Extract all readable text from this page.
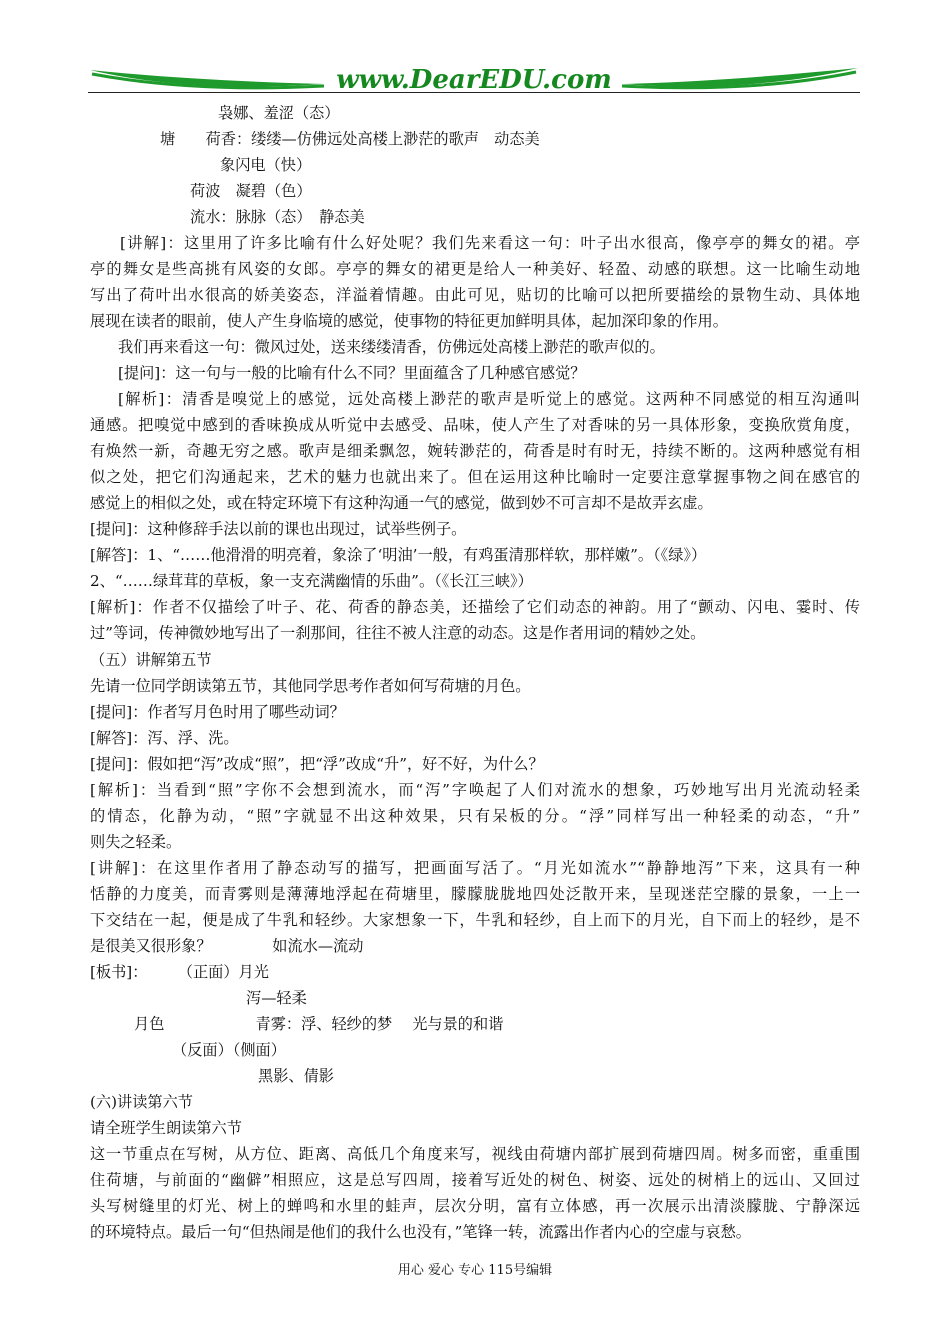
www.DearEDU.com
袅娜、羞涩（态）
塘　　荷香：缕缕—仿佛远处高楼上渺茫的歌声　动态美
象闪电（快）
荷波　凝碧（色）
流水：脉脉（态）　静态美
[讲解]：这里用了许多比喻有什么好处呢？我们先来看这一句：叶子出水很高，像亭亭的舞女的裙。亭
亭的舞女是些高挑有风姿的女郎。亭亭的舞女的裙更是给人一种美好、轻盈、动感的联想。这一比喻生动地
写出了荷叶出水很高的娇美姿态，洋溢着情趣。由此可见，贴切的比喻可以把所要描绘的景物生动、具体地
展现在读者的眼前，使人产生身临境的感觉，使事物的特征更加鲜明具体，起加深印象的作用。
我们再来看这一句：微风过处，送来缕缕清香，仿佛远处高楼上渺茫的歌声似的。
[提问]：这一句与一般的比喻有什么不同？里面蕴含了几种感官感觉？
[解析]：清香是嗅觉上的感觉，远处高楼上渺茫的歌声是听觉上的感觉。这两种不同感觉的相互沟通叫
通感。把嗅觉中感到的香味换成从听觉中去感受、品味，使人产生了对香味的另一具体形象，变换欣赏角度，
有焕然一新，奇趣无穷之感。歌声是细柔飘忽，婉转渺茫的，荷香是时有时无，持续不断的。这两种感觉有相
似之处，把它们沟通起来，艺术的魅力也就出来了。但在运用这种比喻时一定要注意掌握事物之间在感官的
感觉上的相似之处，或在特定环境下有这种沟通一气的感觉，做到妙不可言却不是故弄玄虚。
[提问]：这种修辞手法以前的课也出现过，试举些例子。
[解答]：1、“……他滑滑的明亮着，象涂了‘明油’一般，有鸡蛋清那样软，那样嫩”。（《绿》）
2、“……绿茸茸的草板，象一支充满幽情的乐曲”。（《长江三峡》）
[解析]：作者不仅描绘了叶子、花、荷香的静态美，还描绘了它们动态的神韵。用了“颤动、闪电、霎时、传
过”等词，传神微妙地写出了一刹那间，往往不被人注意的动态。这是作者用词的精妙之处。
（五）讲解第五节
先请一位同学朗读第五节，其他同学思考作者如何写荷塘的月色。
[提问]：作者写月色时用了哪些动词？
[解答]：泻、浮、洗。
[提问]：假如把“泻”改成“照”，把“浮”改成“升”，好不好，为什么？
[解析]：当看到“照”字你不会想到流水，而“泻”字唤起了人们对流水的想象，巧妙地写出月光流动轻柔
的情态，化静为动，“照”字就显不出这种效果，只有呆板的分。“浮”同样写出一种轻柔的动态，“升”
则失之轻柔。
[讲解]：在这里作者用了静态动写的描写，把画面写活了。“月光如流水”“静静地泻”下来，这具有一种
恬静的力度美，而青雾则是薄薄地浮起在荷塘里，朦朦胧胧地四处泛散开来，呈现迷茫空朦的景象，一上一
下交结在一起，便是成了牛乳和轻纱。大家想象一下，牛乳和轻纱，自上而下的月光，自下而上的轻纱，是不
是很美又很形象？　　　　如流水—流动
[板书]：　　　（正面）月光
泻—轻柔
月色　　　　　　青雾：浮、轻纱的梦　 光与景的和谐
（反面）（侧面）
黑影、倩影
(六)讲读第六节
请全班学生朗读第六节
这一节重点在写树，从方位、距离、高低几个角度来写，视线由荷塘内部扩展到荷塘四周。树多而密，重重围
住荷塘，与前面的“幽僻”相照应，这是总写四周，接着写近处的树色、树姿、远处的树梢上的远山、又回过
头写树缝里的灯光、树上的蝉鸣和水里的蛙声，层次分明，富有立体感，再一次展示出清淡朦胧、宁静深远
的环境特点。最后一句“但热闹是他们的我什么也没有，”笔锋一转，流露出作者内心的空虚与哀愁。
用心 爱心 专心 115号编辑
